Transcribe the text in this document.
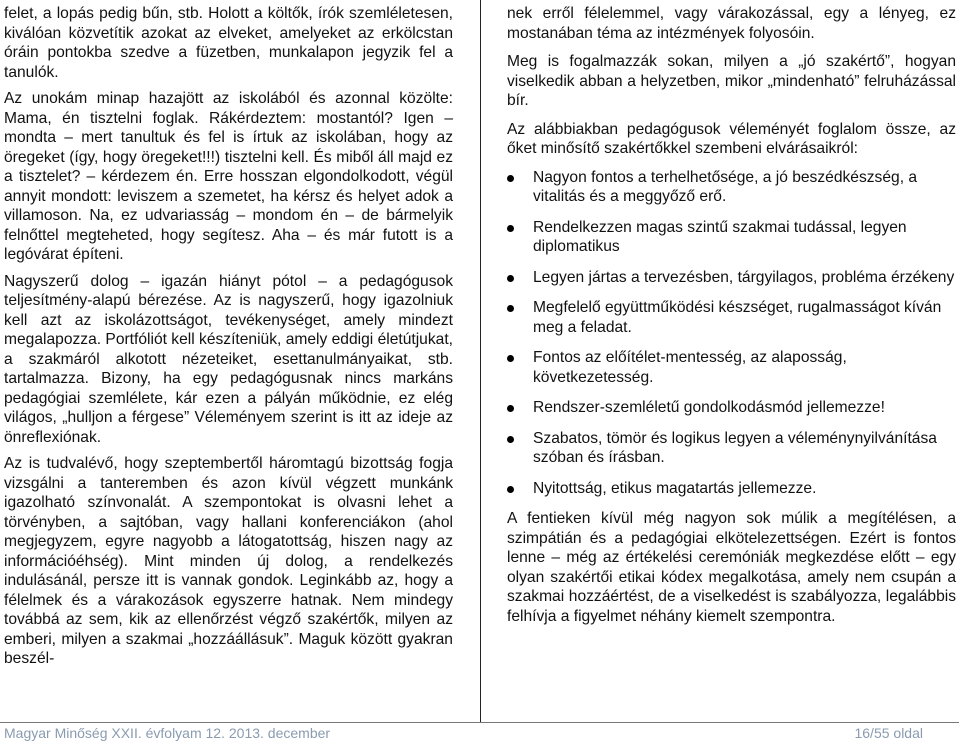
felet, a lopás pedig bűn, stb. Holott a költők, írók szemléletesen, kiválóan közvetítik azokat az elveket, amelyeket az erkölcstan óráin pontokba szedve a füzetben, munkalapon jegyzik fel a tanulók.

Az unokám minap hazajött az iskolából és azonnal közölte: Mama, én tisztelni foglak. Rákérdeztem: mostantól? Igen – mondta – mert tanultuk és fel is írtuk az iskolában, hogy az öregeket (így, hogy öregeket!!!) tisztelni kell. És miből áll majd ez a tisztelet? – kérdezem én. Erre hosszan elgondolkodott, végül annyit mondott: leviszem a szemetet, ha kérsz és helyet adok a villamoson. Na, ez udvariasság – mondom én – de bármelyik felnőttel megteheted, hogy segítesz. Aha – és már futott is a legóvárat építeni.

Nagyszerű dolog – igazán hiányt pótol – a pedagógusok teljesítmény-alapú bérezése. Az is nagyszerű, hogy igazolniuk kell azt az iskolázottságot, tevékenységet, amely mindezt megalapozza. Portfóliót kell készíteniük, amely eddigi életútjukat, a szakmáról alkotott nézeteiket, esettanulmányaikat, stb. tartalmazza. Bizony, ha egy pedagógusnak nincs markáns pedagógiai szemlélete, kár ezen a pályán működnie, ez elég világos, „hulljon a férgese” Véleményem szerint is itt az ideje az önreflexiónak.

Az is tudvalévő, hogy szeptembertől háromtagú bizottság fogja vizsgálni a tanteremben és azon kívül végzett munkánk igazolható színvonalát. A szempontokat is olvasni lehet a törvényben, a sajtóban, vagy hallani konferenciákon (ahol megjegyzem, egyre nagyobb a látogatottság, hiszen nagy az információéhség). Mint minden új dolog, a rendelkezés indulásánál, persze itt is vannak gondok. Leginkább az, hogy a félelmek és a várakozások egyszerre hatnak. Nem mindegy továbbá az sem, kik az ellenőrzést végző szakértők, milyen az emberi, milyen a szakmai „hozzáállásuk”. Maguk között gyakran beszél-

nek erről félelemmel, vagy várakozással, egy a lényeg, ez mostanában téma az intézmények folyosóin.

Meg is fogalmazzák sokan, milyen a „jó szakértő”, hogyan viselkedik abban a helyzetben, mikor „mindenható” felruházással bír.

Az alábbiakban pedagógusok véleményét foglalom össze, az őket minősítő szakértőkkel szembeni elvárásaikról:

Nagyon fontos a terhelhetősége, a jó beszédkészség, a vitalitás és a meggyőző erő.
Rendelkezzen magas szintű szakmai tudással, legyen diplomatikus
Legyen jártas a tervezésben, tárgyilagos, probléma érzékeny
Megfelelő együttműködési készséget, rugalmasságot kíván meg a feladat.
Fontos az előítélet-mentesség, az alaposság, következetesség.
Rendszer-szemléletű gondolkodásmód jellemezze!
Szabatos, tömör és logikus legyen a véleménynyilvánítása szóban és írásban.
Nyitottság, etikus magatartás jellemezze.

A fentieken kívül még nagyon sok múlik a megítélésen, a szimpátián és a pedagógiai elkötelezettségen. Ezért is fontos lenne – még az értékelési ceremóniák megkezdése előtt – egy olyan szakértői etikai kódex megalkotása, amely nem csupán a szakmai hozzáértést, de a viselkedést is szabályozza, legalábbis felhívja a figyelmet néhány kiemelt szempontra.

Magyar Minőség XXII. évfolyam 12. 2013. december	16/55 oldal
